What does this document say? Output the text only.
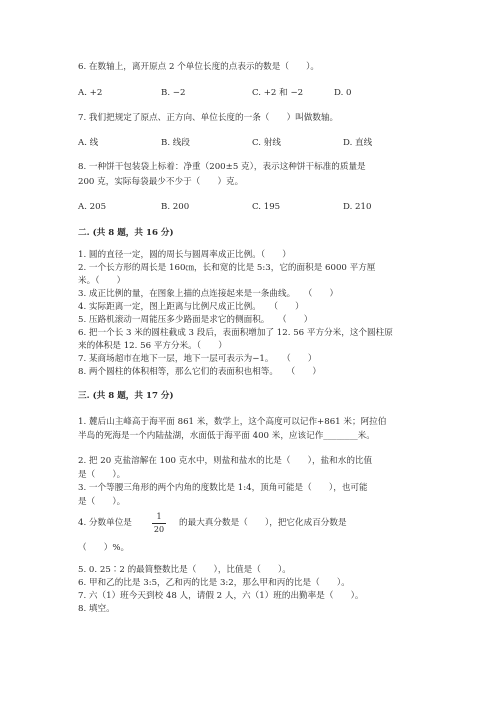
6. 在数轴上，离开原点 2 个单位长度的点表示的数是（　　）。
A. +2	B. −2	C. +2 和 −2	D. 0
7. 我们把规定了原点、正方向、单位长度的一条（　　）叫做数轴。
A. 线	B. 线段	C. 射线	D. 直线
8. 一种饼干包装袋上标着：净重（200±5 克），表示这种饼干标准的质量是
200 克，实际每袋最少不少于（　　）克。
A. 205	B. 200	C. 195	D. 210
二. (共 8 题，共 16 分)
1. 圆的直径一定，圆的周长与圆周率成正比例。（　　）
2. 一个长方形的周长是 160㎝，长和宽的比是 5:3，它的面积是 6000 平方厘
米。（　　）
3. 成正比例的量，在图象上描的点连接起来是一条曲线。　　（　　）
4. 实际距离一定，图上距离与比例尺成正比例。　　（　　）
5. 压路机滚动一周能压多少路面是求它的侧面积。　　（　　）
6. 把一个长 3 米的圆柱截成 3 段后，表面积增加了 12. 56 平方分米，这个圆柱原
来的体积是 12. 56 平方分米。（　　）
7. 某商场超市在地下一层，地下一层可表示为−1。　　（　　）
8. 两个圆柱的体积相等，那么它们的表面积也相等。　　（　　）
三. (共 8 题，共 17 分)
1. 麓后山主峰高于海平面 861 米，数学上，这个高度可以记作+861 米；阿拉伯
半岛的死海是一个内陆盐湖，水面低于海平面 400 米，应该记作________米。
2. 把 20 克盐溶解在 100 克水中，则盐和盐水的比是（　　），盐和水的比值
是（　　）。
3. 一个等腰三角形的两个内角的度数比是 1:4，顶角可能是（　　），也可能
是（　　）。
4. 分数单位是
1
20
的最大真分数是（　　），把它化成百分数是
（　　）%。
5. 0. 25∶2 的最简整数比是（　　），比值是（　　）。
6. 甲和乙的比是 3:5，乙和丙的比是 3:2，那么甲和丙的比是（　　）。
7. 六（1）班今天到校 48 人，请假 2 人，六（1）班的出勤率是（　　）。
8. 填空。
